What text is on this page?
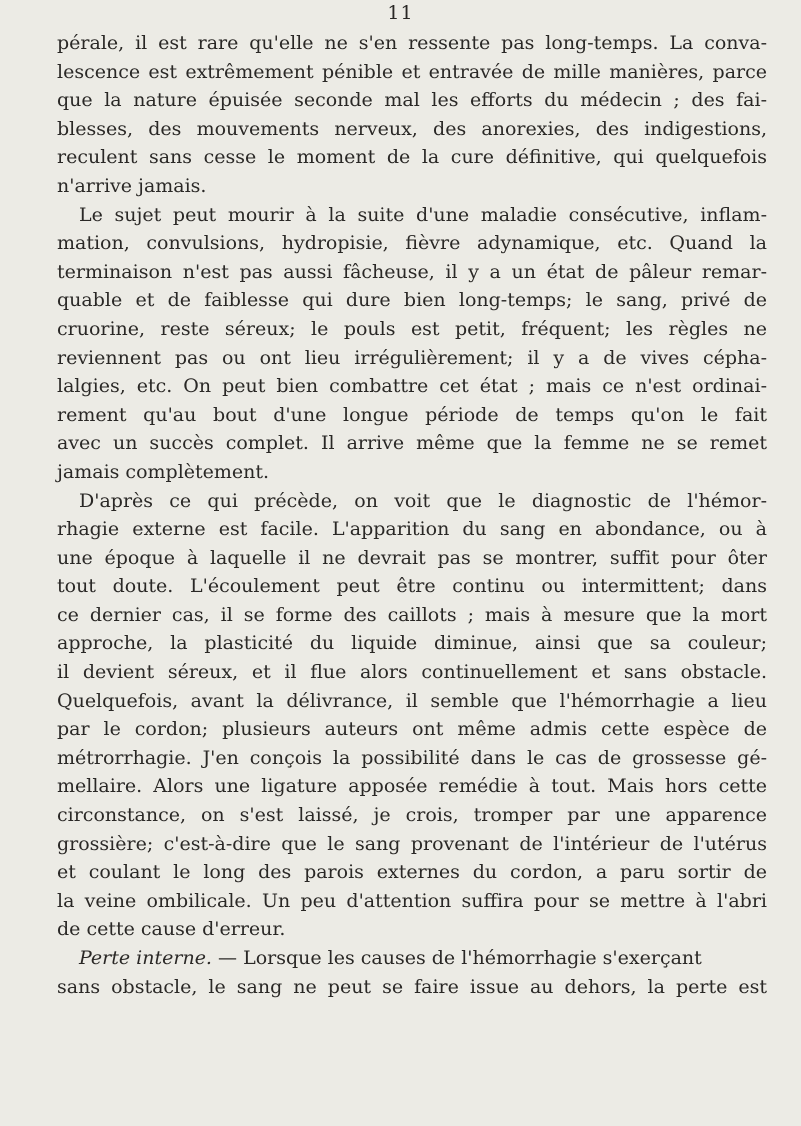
11
pérale, il est rare qu'elle ne s'en ressente pas long-temps. La conva-
lescence est extrêmement pénible et entravée de mille manières, parce
que la nature épuisée seconde mal les efforts du médecin ; des fai-
blesses, des mouvements nerveux, des anorexies, des indigestions,
reculent sans cesse le moment de la cure définitive, qui quelquefois
n'arrive jamais.
Le sujet peut mourir à la suite d'une maladie consécutive, inflam-
mation, convulsions, hydropisie, fièvre adynamique, etc. Quand la
terminaison n'est pas aussi fâcheuse, il y a un état de pâleur remar-
quable et de faiblesse qui dure bien long-temps; le sang, privé de
cruorine, reste séreux; le pouls est petit, fréquent; les règles ne
reviennent pas ou ont lieu irrégulièrement; il y a de vives cépha-
lalgies, etc. On peut bien combattre cet état ; mais ce n'est ordinai-
rement qu'au bout d'une longue période de temps qu'on le fait
avec un succès complet. Il arrive même que la femme ne se remet
jamais complètement.
D'après ce qui précède, on voit que le diagnostic de l'hémor-
rhagie externe est facile. L'apparition du sang en abondance, ou à
une époque à laquelle il ne devrait pas se montrer, suffit pour ôter
tout doute. L'écoulement peut être continu ou intermittent; dans
ce dernier cas, il se forme des caillots ; mais à mesure que la mort
approche, la plasticité du liquide diminue, ainsi que sa couleur;
il devient séreux, et il flue alors continuellement et sans obstacle.
Quelquefois, avant la délivrance, il semble que l'hémorrhagie a lieu
par le cordon; plusieurs auteurs ont même admis cette espèce de
métrorrhagie. J'en conçois la possibilité dans le cas de grossesse gé-
mellaire. Alors une ligature apposée remédie à tout. Mais hors cette
circonstance, on s'est laissé, je crois, tromper par une apparence
grossière; c'est-à-dire que le sang provenant de l'intérieur de l'utérus
et coulant le long des parois externes du cordon, a paru sortir de
la veine ombilicale. Un peu d'attention suffira pour se mettre à l'abri
de cette cause d'erreur.
Perte interne. — Lorsque les causes de l'hémorrhagie s'exerçant
sans obstacle, le sang ne peut se faire issue au dehors, la perte est
